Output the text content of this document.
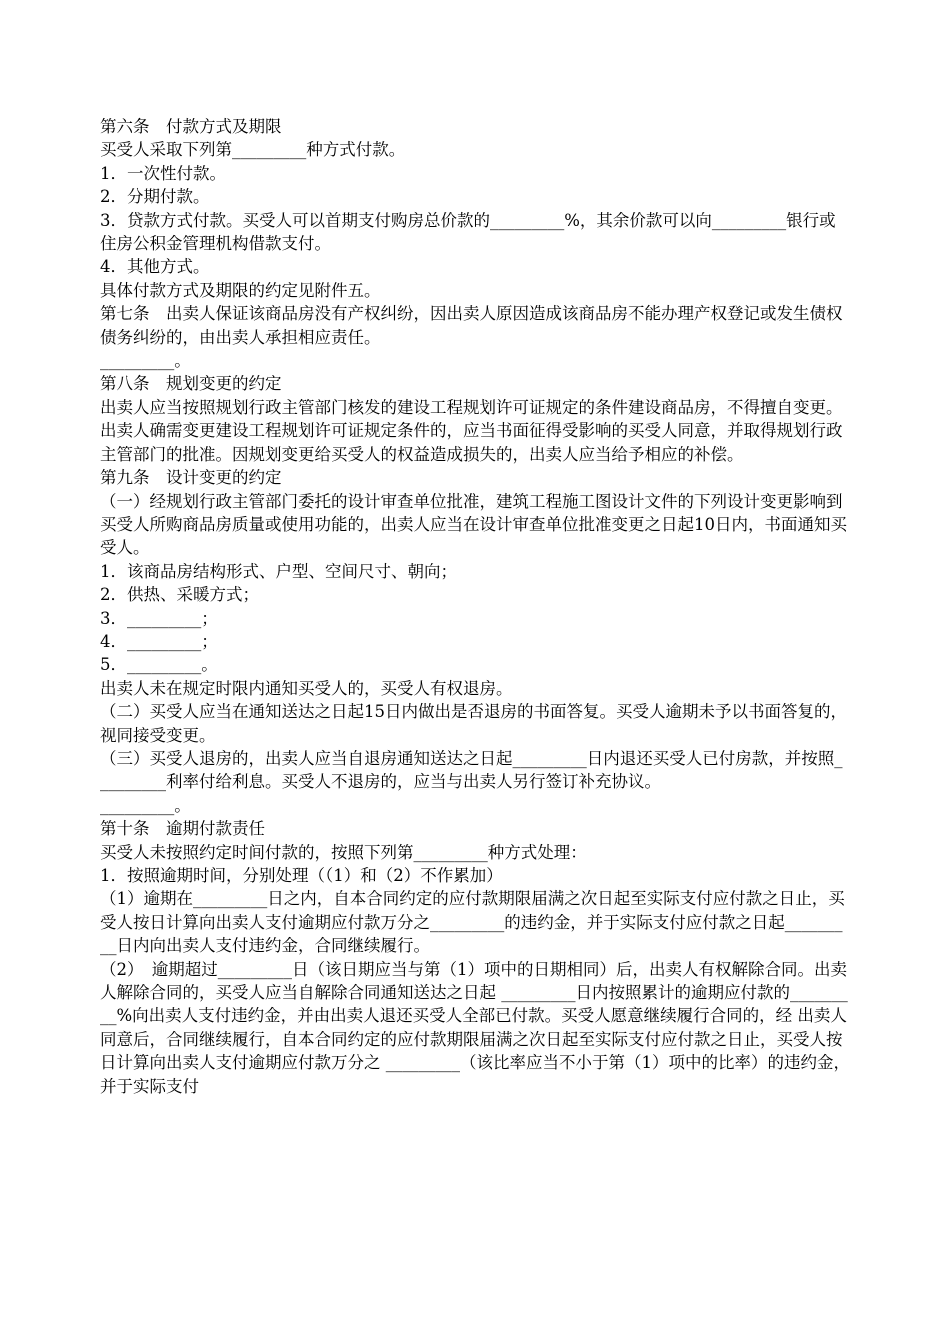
第六条　付款方式及期限

买受人采取下列第_________种方式付款。

1．一次性付款。

2．分期付款。

3．贷款方式付款。买受人可以首期支付购房总价款的_________%，其余价款可以向_________银行或住房公积金管理机构借款支付。

4．其他方式。

具体付款方式及期限的约定见附件五。

第七条　出卖人保证该商品房没有产权纠纷，因出卖人原因造成该商品房不能办理产权登记或发生债权债务纠纷的，由出卖人承担相应责任。

_________。

第八条　规划变更的约定

出卖人应当按照规划行政主管部门核发的建设工程规划许可证规定的条件建设商品房，不得擅自变更。

出卖人确需变更建设工程规划许可证规定条件的，应当书面征得受影响的买受人同意，并取得规划行政主管部门的批准。因规划变更给买受人的权益造成损失的，出卖人应当给予相应的补偿。

第九条　设计变更的约定

（一）经规划行政主管部门委托的设计审查单位批准，建筑工程施工图设计文件的下列设计变更影响到买受人所购商品房质量或使用功能的，出卖人应当在设计审查单位批准变更之日起10日内，书面通知买受人。

1．该商品房结构形式、户型、空间尺寸、朝向；

2．供热、采暖方式；

3．_________；

4．_________；

5．_________。

出卖人未在规定时限内通知买受人的，买受人有权退房。

（二）买受人应当在通知送达之日起15日内做出是否退房的书面答复。买受人逾期未予以书面答复的，视同接受变更。

（三）买受人退房的，出卖人应当自退房通知送达之日起_________日内退还买受人已付房款，并按照_________利率付给利息。买受人不退房的，应当与出卖人另行签订补充协议。

_________。

第十条　逾期付款责任

买受人未按照约定时间付款的，按照下列第_________种方式处理：

1．按照逾期时间，分别处理（（1）和（2）不作累加）

（1）逾期在_________日之内，自本合同约定的应付款期限届满之次日起至实际支付应付款之日止，买受人按日计算向出卖人支付逾期应付款万分之_________的违约金，并于实际支付应付款之日起_________日内向出卖人支付违约金，合同继续履行。

（2）　逾期超过_________日（该日期应当与第（1）项中的日期相同）后，出卖人有权解除合同。出卖人解除合同的，买受人应当自解除合同通知送达之日起 _________日内按照累计的逾期应付款的_________%向出卖人支付违约金，并由出卖人退还买受人全部已付款。买受人愿意继续履行合同的，经 出卖人同意后，合同继续履行，自本合同约定的应付款期限届满之次日起至实际支付应付款之日止，买受人按日计算向出卖人支付逾期应付款万分之 _________（该比率应当不小于第（1）项中的比率）的违约金，并于实际支付
